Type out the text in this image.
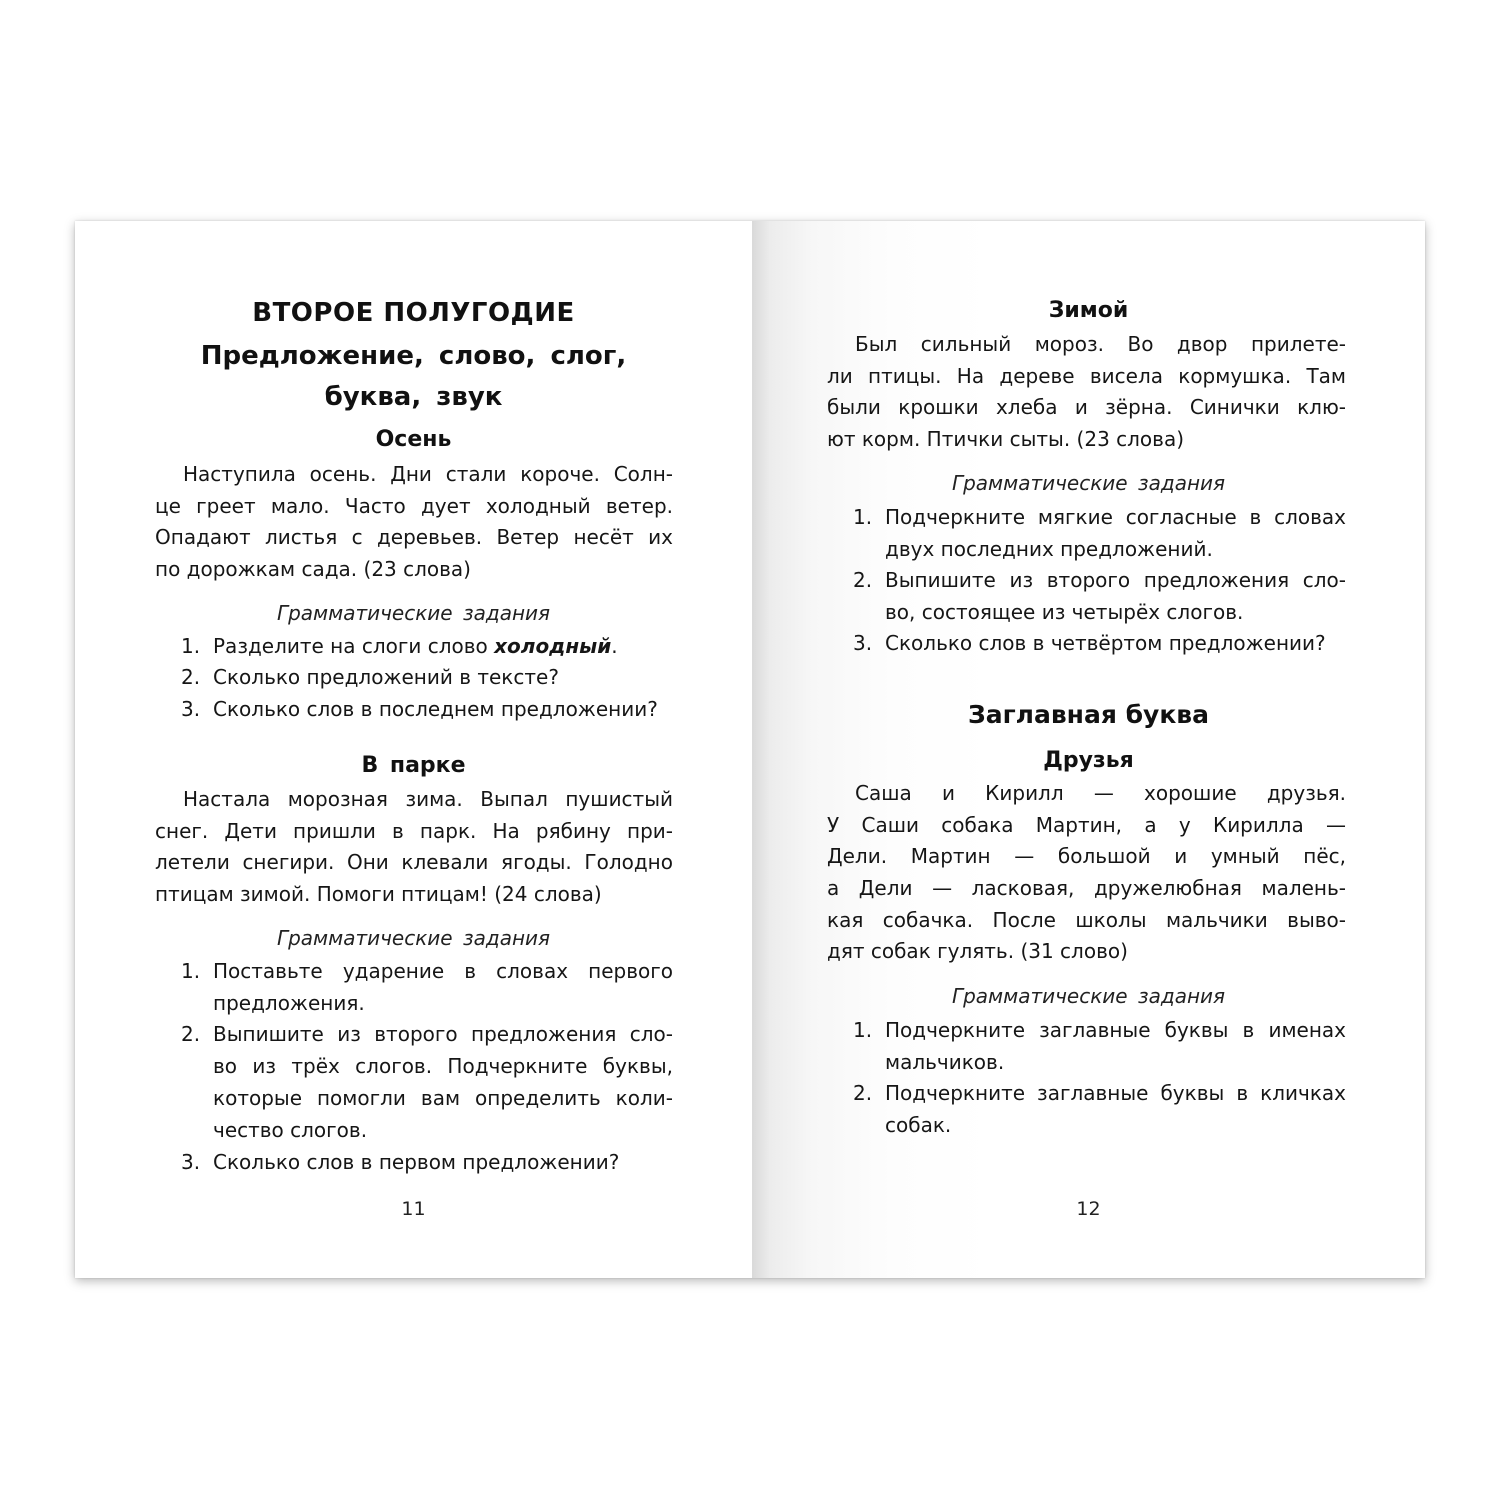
ВТОРОЕ ПОЛУГОДИЕ
Предложение, слово, слог,
буква, звук
Осень
Наступила осень. Дни стали короче. Солн-
це греет мало. Часто дует холодный ветер.
Опадают листья с деревьев. Ветер несёт их
по дорожкам сада. (23 слова)
Грамматические задания
1. Разделите на слоги слово холодный.
2. Сколько предложений в тексте?
3. Сколько слов в последнем предложении?
В парке
Настала морозная зима. Выпал пушистый
снег. Дети пришли в парк. На рябину при-
летели снегири. Они клевали ягоды. Голодно
птицам зимой. Помоги птицам! (24 слова)
Грамматические задания
1. Поставьте ударение в словах первого
предложения.
2. Выпишите из второго предложения сло-
во из трёх слогов. Подчеркните буквы,
которые помогли вам определить коли-
чество слогов.
3. Сколько слов в первом предложении?
11
Зимой
Был сильный мороз. Во двор прилете-
ли птицы. На дереве висела кормушка. Там
были крошки хлеба и зёрна. Синички клю-
ют корм. Птички сыты. (23 слова)
Грамматические задания
1. Подчеркните мягкие согласные в словах
двух последних предложений.
2. Выпишите из второго предложения сло-
во, состоящее из четырёх слогов.
3. Сколько слов в четвёртом предложении?
Заглавная буква
Друзья
Саша и Кирилл — хорошие друзья.
У Саши собака Мартин, а у Кирилла —
Дели. Мартин — большой и умный пёс,
а Дели — ласковая, дружелюбная малень-
кая собачка. После школы мальчики выво-
дят собак гулять. (31 слово)
Грамматические задания
1. Подчеркните заглавные буквы в именах
мальчиков.
2. Подчеркните заглавные буквы в кличках
собак.
12
